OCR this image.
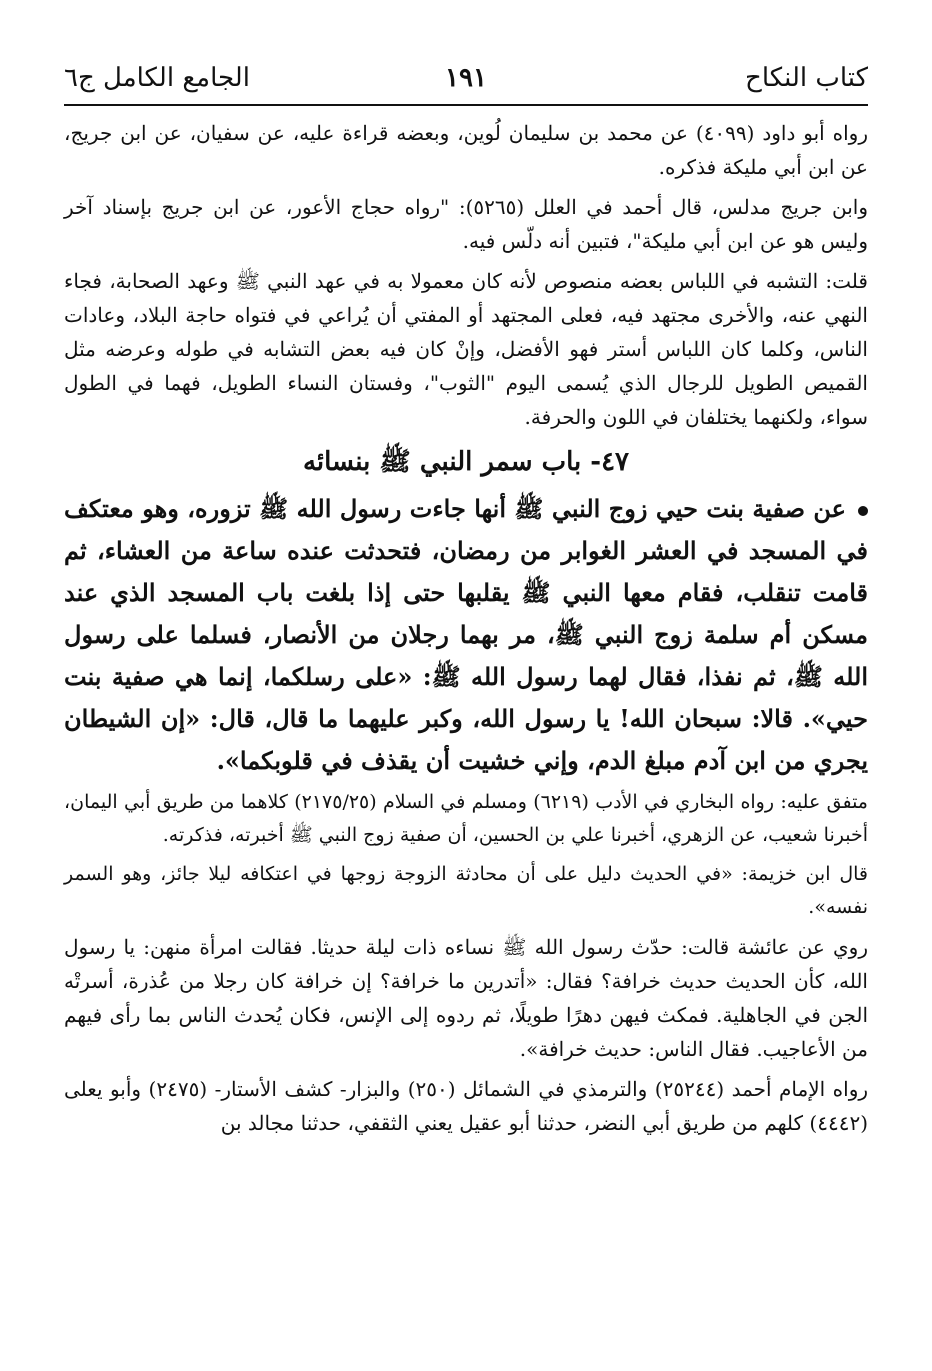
كتاب النكاح
١٩١
الجامع الكامل ج٦

رواه أبو داود (٤٠٩٩) عن محمد بن سليمان لُوين، وبعضه قراءة عليه، عن سفيان، عن ابن جريج، عن ابن أبي مليكة فذكره.

وابن جريج مدلس، قال أحمد في العلل (٥٢٦٥): "رواه حجاج الأعور، عن ابن جريج بإسناد آخر وليس هو عن ابن أبي مليكة"، فتبين أنه دلّس فيه.

قلت: التشبه في اللباس بعضه منصوص لأنه كان معمولا به في عهد النبي ﷺ وعهد الصحابة، فجاء النهي عنه، والأخرى مجتهد فيه، فعلى المجتهد أو المفتي أن يُراعي في فتواه حاجة البلاد، وعادات الناس، وكلما كان اللباس أستر فهو الأفضل، وإنْ كان فيه بعض التشابه في طوله وعرضه مثل القميص الطويل للرجال الذي يُسمى اليوم "الثوب"، وفستان النساء الطويل، فهما في الطول سواء، ولكنهما يختلفان في اللون والحرفة.

٤٧- باب سمر النبي ﷺ بنسائه

عن صفية بنت حيي زوج النبي ﷺ أنها جاءت رسول الله ﷺ تزوره، وهو معتكف في المسجد في العشر الغوابر من رمضان، فتحدثت عنده ساعة من العشاء، ثم قامت تنقلب، فقام معها النبي ﷺ يقلبها حتى إذا بلغت باب المسجد الذي عند مسكن أم سلمة زوج النبي ﷺ، مر بهما رجلان من الأنصار، فسلما على رسول الله ﷺ، ثم نفذا، فقال لهما رسول الله ﷺ: «على رسلكما، إنما هي صفية بنت حيي». قالا: سبحان الله! يا رسول الله، وكبر عليهما ما قال، قال: «إن الشيطان يجري من ابن آدم مبلغ الدم، وإني خشيت أن يقذف في قلوبكما».

متفق عليه: رواه البخاري في الأدب (٦٢١٩) ومسلم في السلام (٢١٧٥/٢٥) كلاهما من طريق أبي اليمان، أخبرنا شعيب، عن الزهري، أخبرنا علي بن الحسين، أن صفية زوج النبي ﷺ أخبرته، فذكرته.

قال ابن خزيمة: «في الحديث دليل على أن محادثة الزوجة زوجها في اعتكافه ليلا جائز، وهو السمر نفسه».

روي عن عائشة قالت: حدّث رسول الله ﷺ نساءه ذات ليلة حديثا. فقالت امرأة منهن: يا رسول الله، كأن الحديث حديث خرافة؟ فقال: «أتدرين ما خرافة؟ إن خرافة كان رجلا من عُذرة، أسرتْه الجن في الجاهلية. فمكث فيهن دهرًا طويلًا، ثم ردوه إلى الإنس، فكان يُحدث الناس بما رأى فيهم من الأعاجيب. فقال الناس: حديث خرافة».

رواه الإمام أحمد (٢٥٢٤٤) والترمذي في الشمائل (٢٥٠) والبزار- كشف الأستار- (٢٤٧٥) وأبو يعلى (٤٤٤٢) كلهم من طريق أبي النضر، حدثنا أبو عقيل يعني الثقفي، حدثنا مجالد بن
